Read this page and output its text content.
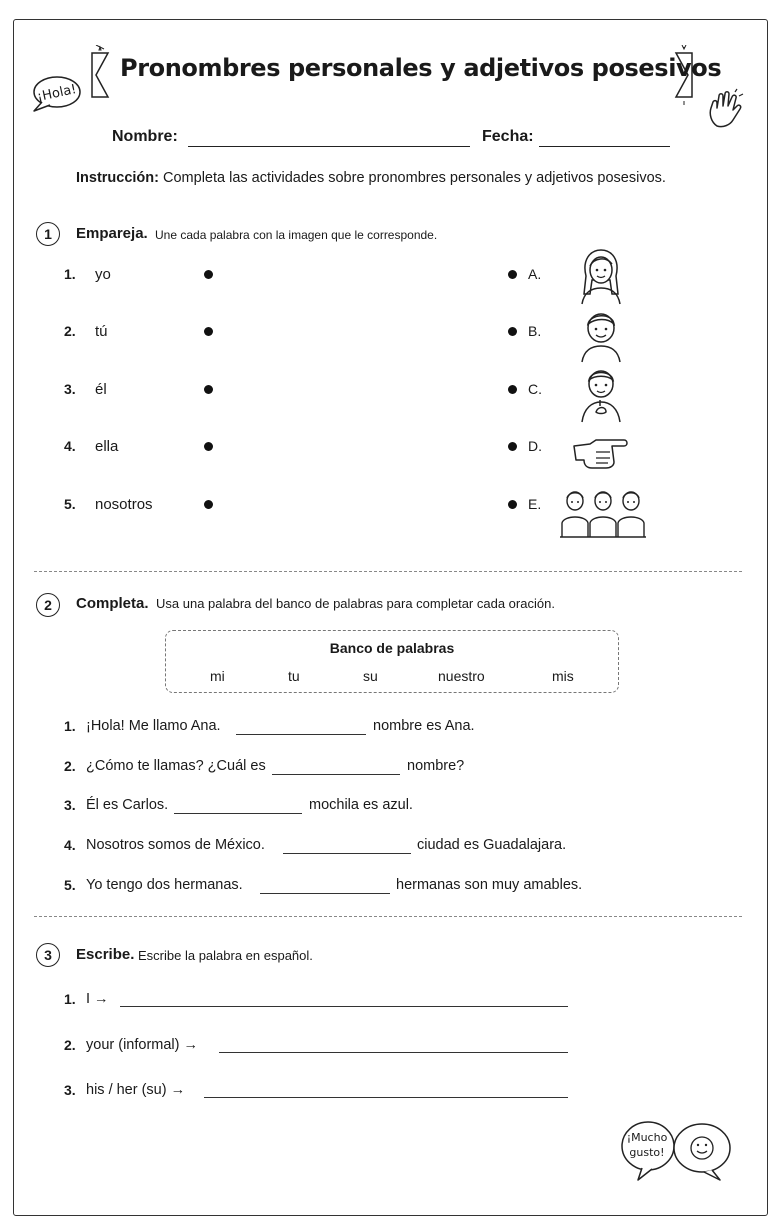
¡Hola!
Pronombres personales y adjetivos posesivos
Nombre:	Fecha:
Instrucción: Completa las actividades sobre pronombres personales y adjetivos posesivos.
1	Empareja. Une cada palabra con la imagen que le corresponde.
1. yo	A.
2. tú	B.
3. él	C.
4. ella	D.
5. nosotros	E.
2	Completa. Usa una palabra del banco de palabras para completar cada oración.
Banco de palabras
mi	tu	su	nuestro	mis
1. ¡Hola! Me llamo Ana.	nombre es Ana.
2. ¿Cómo te llamas? ¿Cuál es	nombre?
3. Él es Carlos.	mochila es azul.
4. Nosotros somos de México.	ciudad es Guadalajara.
5. Yo tengo dos hermanas.	hermanas son muy amables.
3	Escribe. Escribe la palabra en español.
1. I →
2. your (informal) →
3. his / her (su) →
¡Mucho
gusto!
